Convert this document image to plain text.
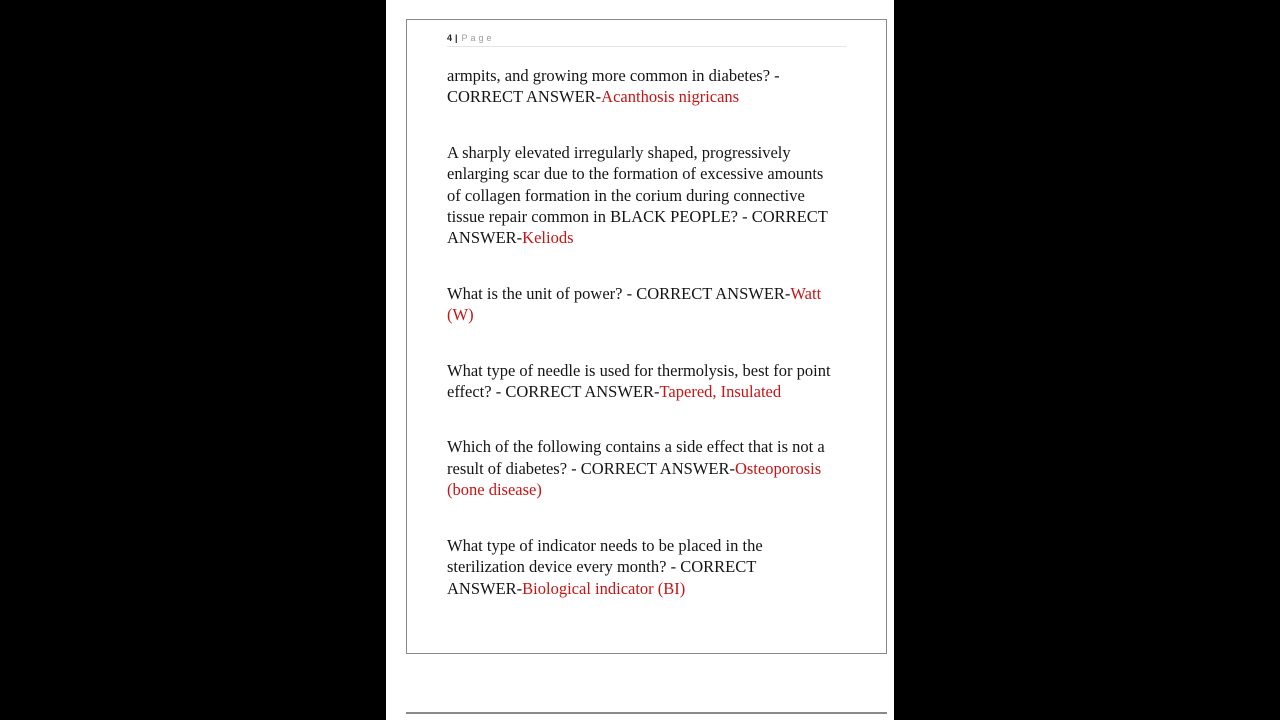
4 | Page
armpits, and growing more common in diabetes? -
CORRECT ANSWER-Acanthosis nigricans
A sharply elevated irregularly shaped, progressively
enlarging scar due to the formation of excessive amounts
of collagen formation in the corium during connective
tissue repair common in BLACK PEOPLE? - CORRECT
ANSWER-Keliods
What is the unit of power? - CORRECT ANSWER-Watt
(W)
What type of needle is used for thermolysis, best for point
effect? - CORRECT ANSWER-Tapered, Insulated
Which of the following contains a side effect that is not a
result of diabetes? - CORRECT ANSWER-Osteoporosis
(bone disease)
What type of indicator needs to be placed in the
sterilization device every month? - CORRECT
ANSWER-Biological indicator (BI)
